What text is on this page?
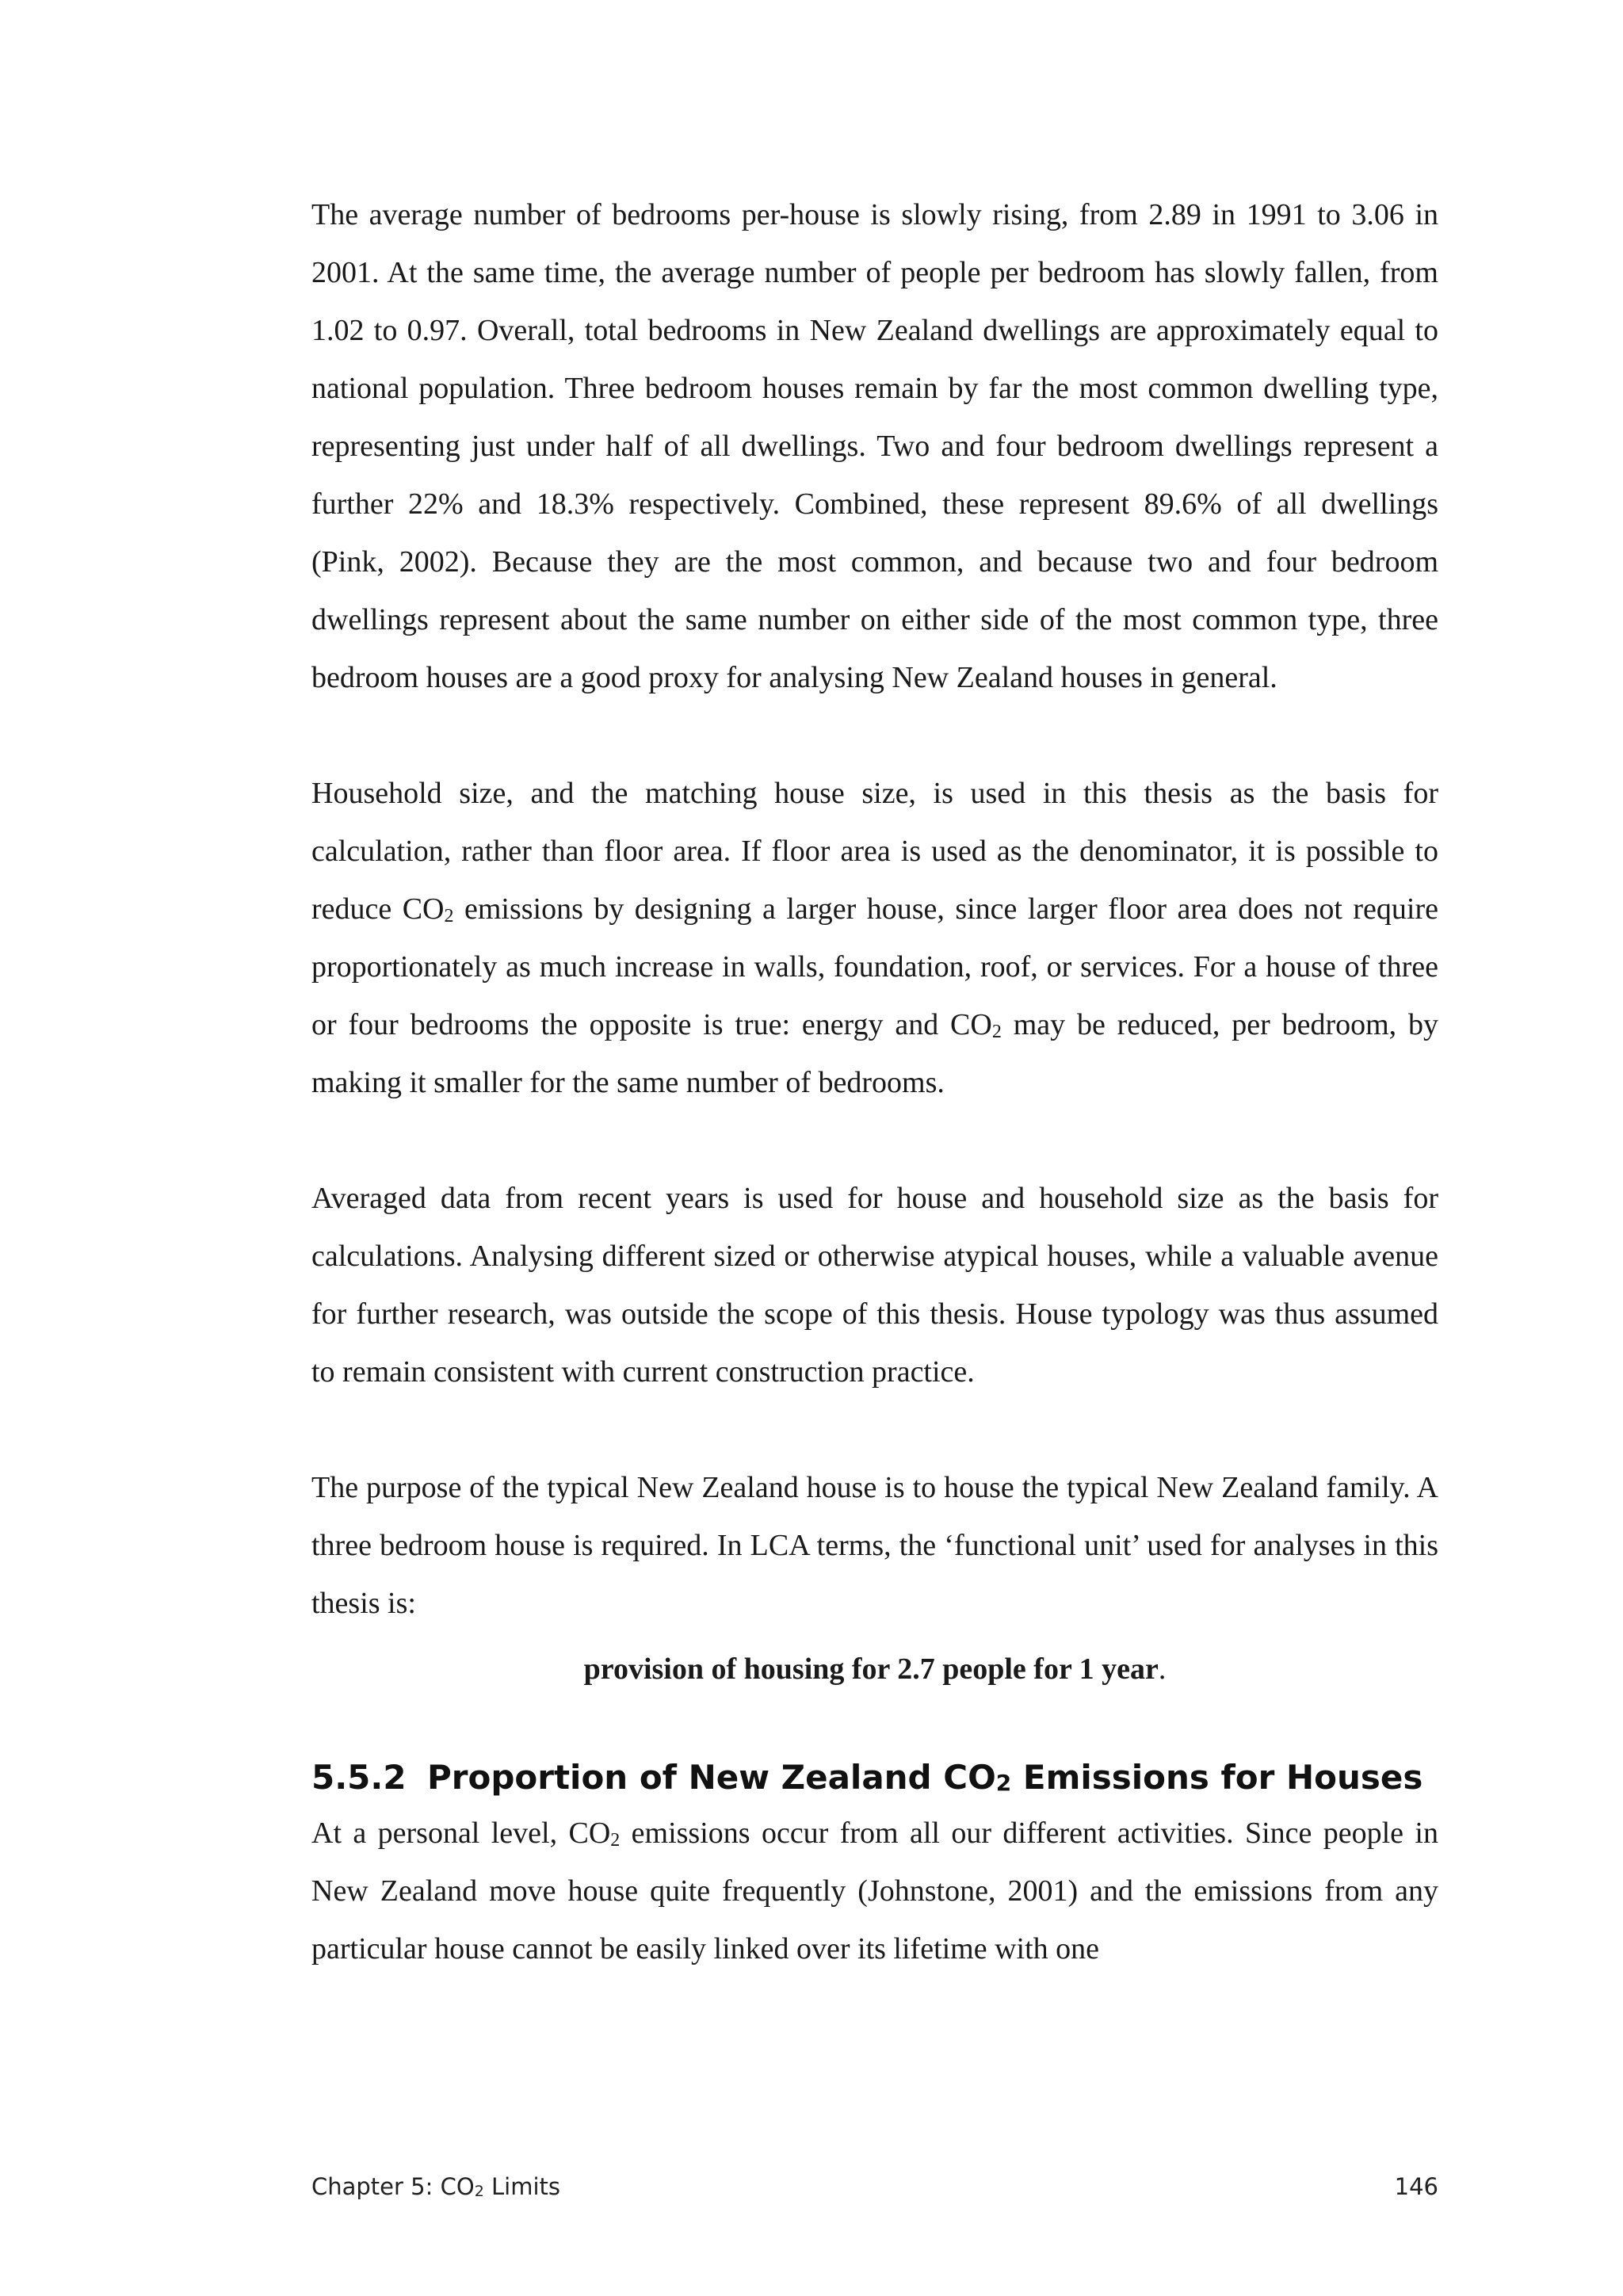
The average number of bedrooms per-house is slowly rising, from 2.89 in 1991 to 3.06 in 2001. At the same time, the average number of people per bedroom has slowly fallen, from 1.02 to 0.97. Overall, total bedrooms in New Zealand dwellings are approximately equal to national population. Three bedroom houses remain by far the most common dwelling type, representing just under half of all dwellings. Two and four bedroom dwellings represent a further 22% and 18.3% respectively. Combined, these represent 89.6% of all dwellings (Pink, 2002). Because they are the most common, and because two and four bedroom dwellings represent about the same number on either side of the most common type, three bedroom houses are a good proxy for analysing New Zealand houses in general.

Household size, and the matching house size, is used in this thesis as the basis for calculation, rather than floor area. If floor area is used as the denominator, it is possible to reduce $CO_2$ emissions by designing a larger house, since larger floor area does not require proportionately as much increase in walls, foundation, roof, or services. For a house of three or four bedrooms the opposite is true: energy and $CO_2$ may be reduced, per bedroom, by making it smaller for the same number of bedrooms.

Averaged data from recent years is used for house and household size as the basis for calculations. Analysing different sized or otherwise atypical houses, while a valuable avenue for further research, was outside the scope of this thesis. House typology was thus assumed to remain consistent with current construction practice.

The purpose of the typical New Zealand house is to house the typical New Zealand family. A three bedroom house is required. In LCA terms, the ‘functional unit’ used for analyses in this thesis is:

provision of housing for 2.7 people for 1 year.
5.5.2 Proportion of New Zealand $CO_2$ Emissions for Houses

At a personal level, $CO_2$ emissions occur from all our different activities. Since people in New Zealand move house quite frequently (Johnstone, 2001) and the emissions from any particular house cannot be easily linked over its lifetime with one

Chapter 5: $CO_2$ Limits	146
